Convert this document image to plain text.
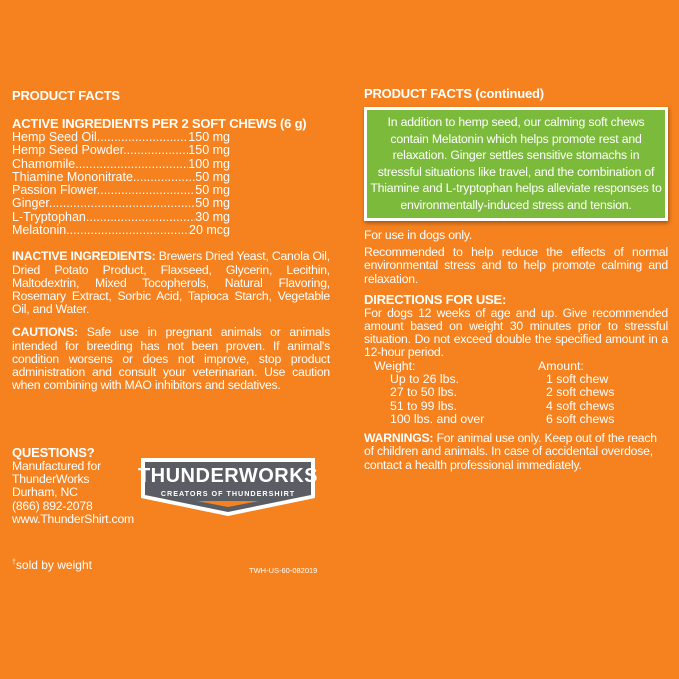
PRODUCT FACTS
ACTIVE INGREDIENTS PER 2 SOFT CHEWS (6 g)
Hemp Seed Oil .....	150 mg
Hemp Seed Powder .....	150 mg
Chamomile .....	100 mg
Thiamine Mononitrate .....	50 mg
Passion Flower .....	50 mg
Ginger .....	50 mg
L-Tryptophan .....	30 mg
Melatonin .....	20 mcg
INACTIVE INGREDIENTS: Brewers Dried Yeast, Canola Oil, Dried Potato Product, Flaxseed, Glycerin, Lecithin, Maltodextrin, Mixed Tocopherols, Natural Flavoring, Rosemary Extract, Sorbic Acid, Tapioca Starch, Vegetable Oil, and Water.
CAUTIONS: Safe use in pregnant animals or animals intended for breeding has not been proven. If animal's condition worsens or does not improve, stop product administration and consult your veterinarian. Use caution when combining with MAO inhibitors and sedatives.
QUESTIONS?
Manufactured for
ThunderWorks
Durham, NC
(866) 892-2078
www.ThunderShirt.com
THUNDERWORKS
CREATORS OF THUNDERSHIRT
†sold by weight	TWH-US-60-082019
PRODUCT FACTS (continued)
In addition to hemp seed, our calming soft chews contain Melatonin which helps promote rest and relaxation. Ginger settles sensitive stomachs in stressful situations like travel, and the combination of Thiamine and L-tryptophan helps alleviate responses to environmentally-induced stress and tension.
For use in dogs only.
Recommended to help reduce the effects of normal environmental stress and to help promote calming and relaxation.
DIRECTIONS FOR USE:
For dogs 12 weeks of age and up. Give recommended amount based on weight 30 minutes prior to stressful situation. Do not exceed double the specified amount in a 12-hour period.
Weight:	Amount:
Up to 26 lbs.	1 soft chew
27 to 50 lbs.	2 soft chews
51 to 99 lbs.	4 soft chews
100 lbs. and over	6 soft chews
WARNINGS: For animal use only. Keep out of the reach of children and animals. In case of accidental overdose, contact a health professional immediately.
